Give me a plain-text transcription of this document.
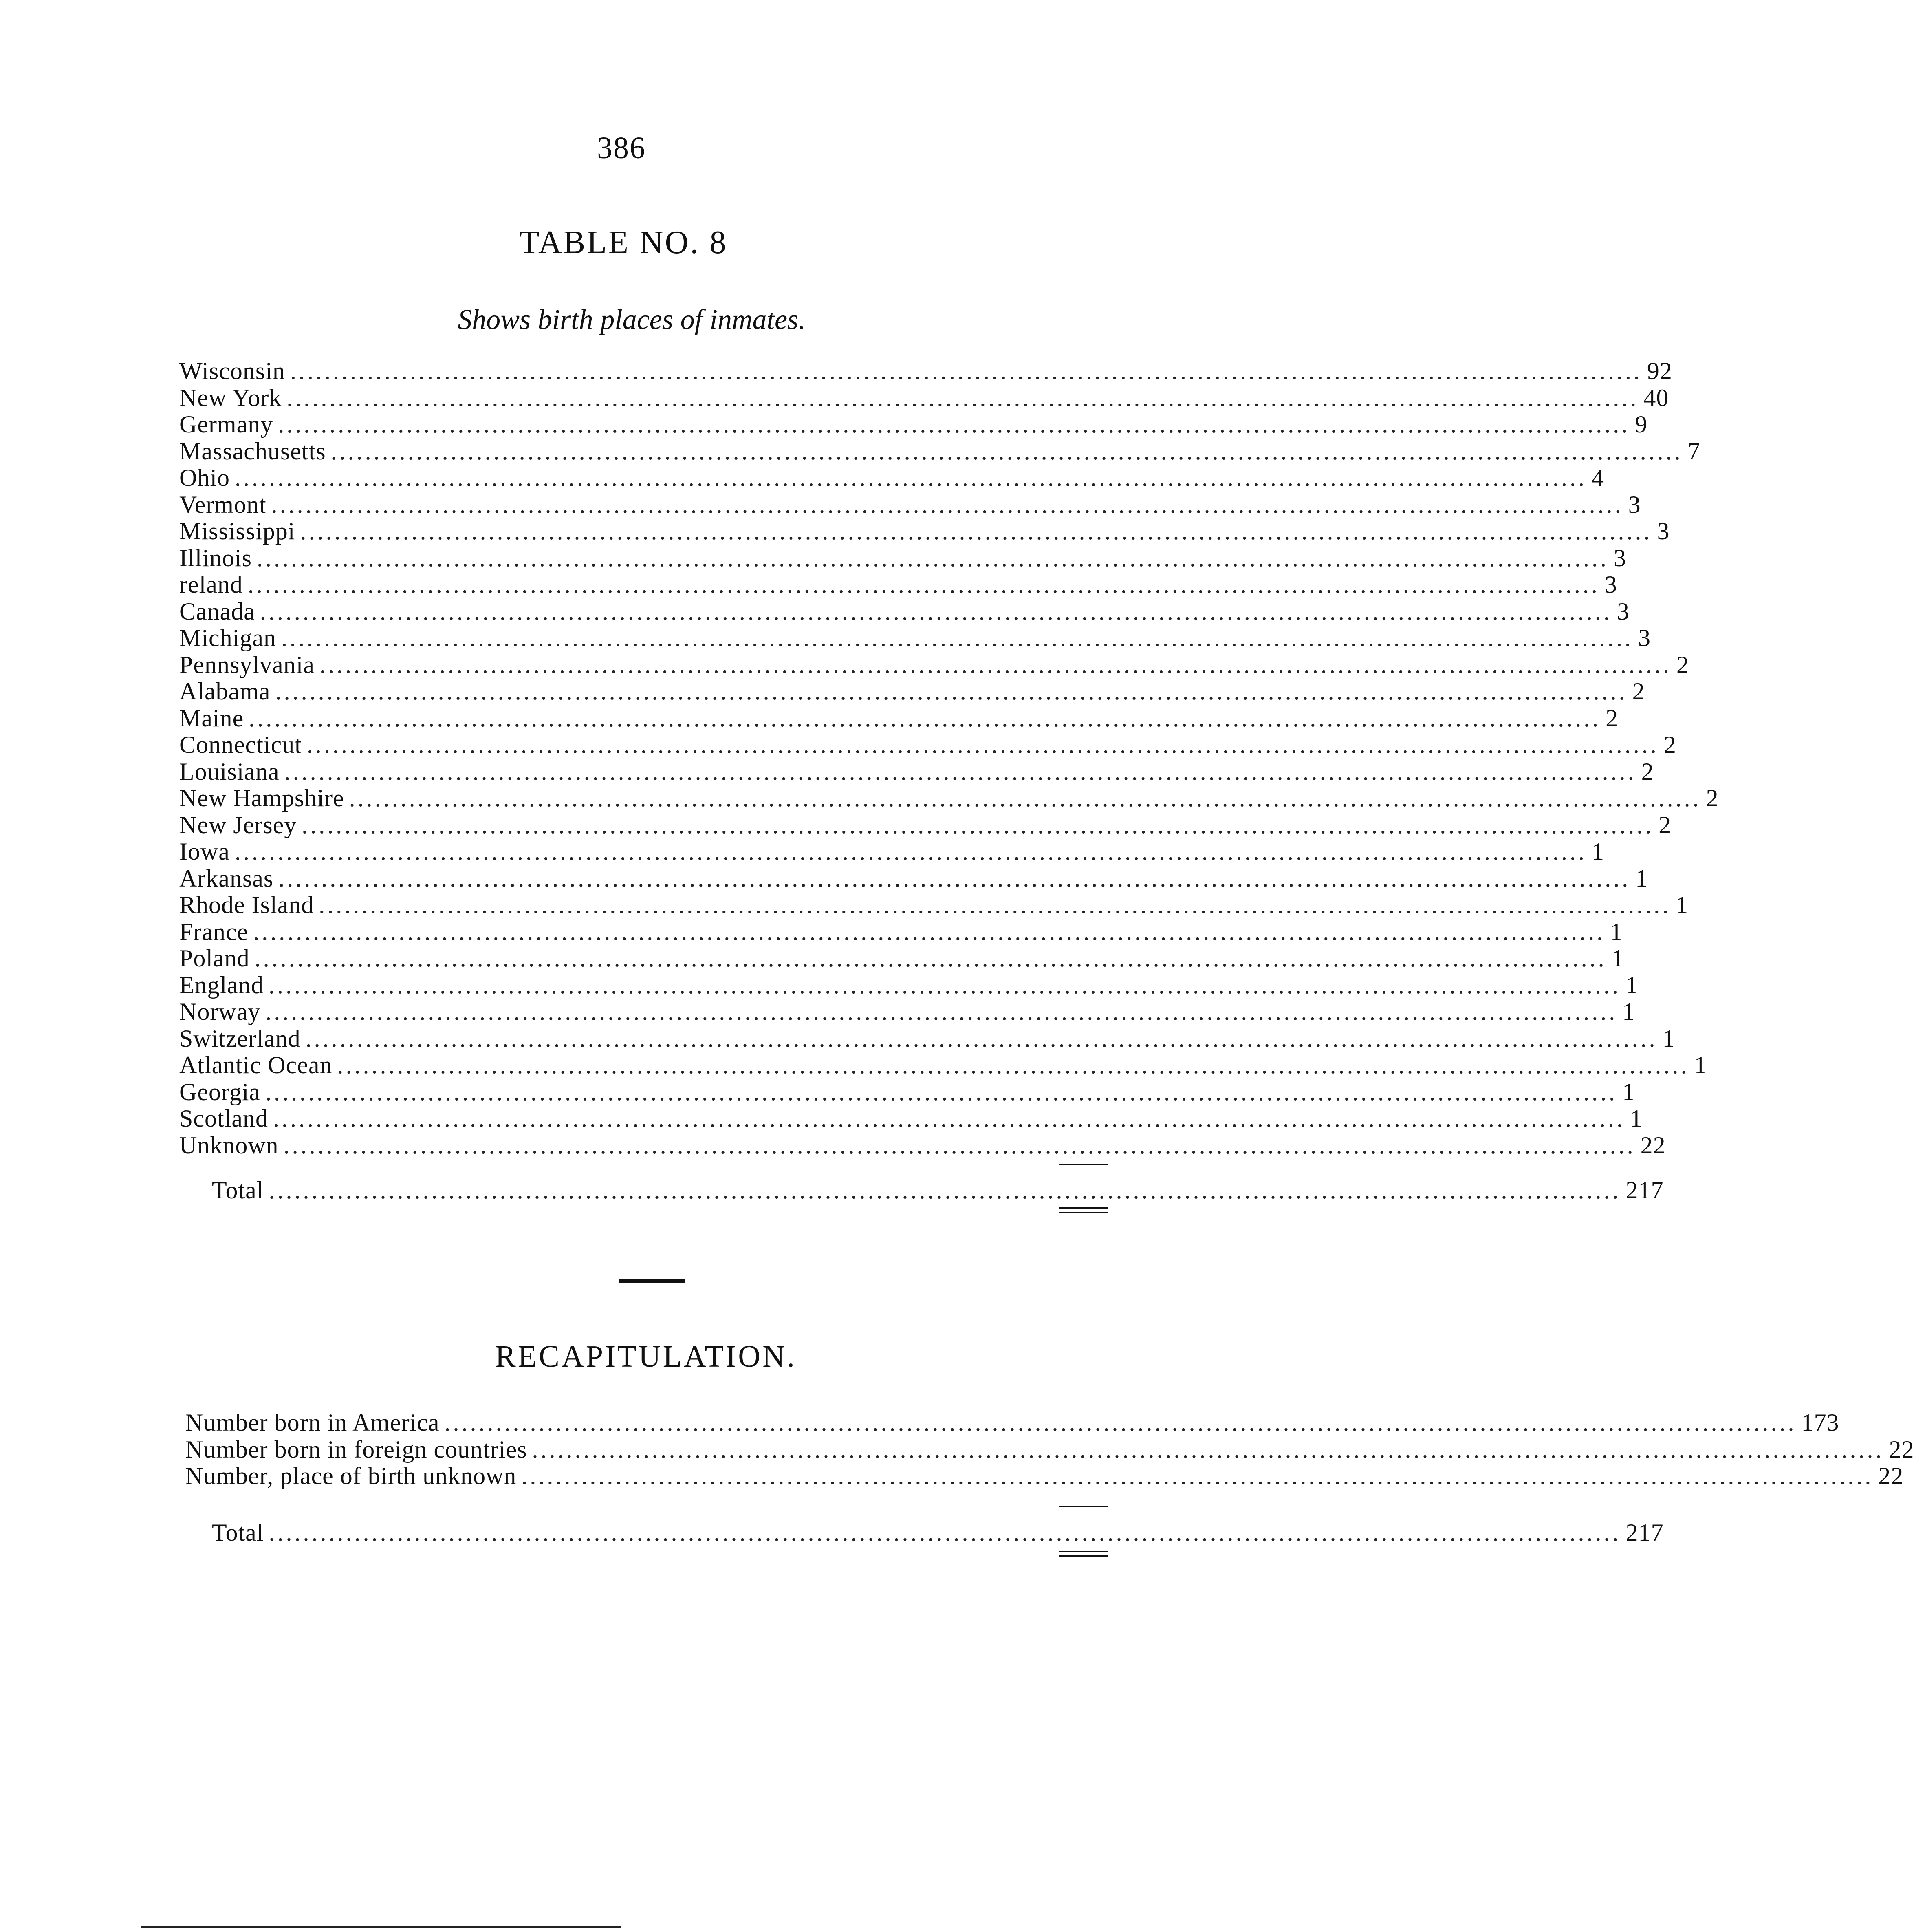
386
TABLE NO. 8
Shows birth places of inmates.
Wisconsin .............................................................................................................................................................. 92
New York .............................................................................................................................................................. 40
Germany .............................................................................................................................................................. 9
Massachusetts .............................................................................................................................................................. 7
Ohio .............................................................................................................................................................. 4
Vermont .............................................................................................................................................................. 3
Mississippi .............................................................................................................................................................. 3
Illinois .............................................................................................................................................................. 3
reland .............................................................................................................................................................. 3
Canada .............................................................................................................................................................. 3
Michigan .............................................................................................................................................................. 3
Pennsylvania .............................................................................................................................................................. 2
Alabama .............................................................................................................................................................. 2
Maine .............................................................................................................................................................. 2
Connecticut .............................................................................................................................................................. 2
Louisiana .............................................................................................................................................................. 2
New Hampshire .............................................................................................................................................................. 2
New Jersey .............................................................................................................................................................. 2
Iowa .............................................................................................................................................................. 1
Arkansas .............................................................................................................................................................. 1
Rhode Island .............................................................................................................................................................. 1
France .............................................................................................................................................................. 1
Poland .............................................................................................................................................................. 1
England .............................................................................................................................................................. 1
Norway .............................................................................................................................................................. 1
Switzerland .............................................................................................................................................................. 1
Atlantic Ocean .............................................................................................................................................................. 1
Georgia .............................................................................................................................................................. 1
Scotland .............................................................................................................................................................. 1
Unknown .............................................................................................................................................................. 22
Total .............................................................................................................................................................. 217
RECAPITULATION.
Number born in America .............................................................................................................................................................. 173
Number born in foreign countries .............................................................................................................................................................. 22
Number, place of birth unknown .............................................................................................................................................................. 22
Total .............................................................................................................................................................. 217
